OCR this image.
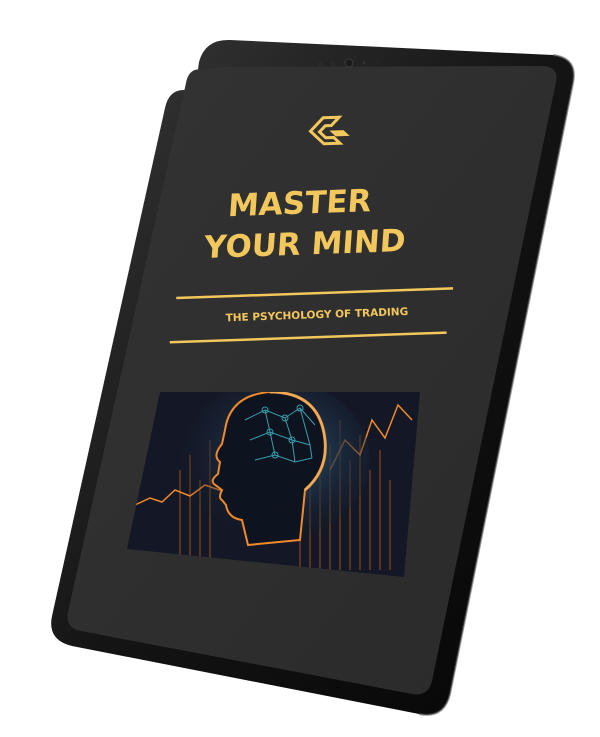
MASTER
YOUR MIND
THE PSYCHOLOGY OF TRADING
